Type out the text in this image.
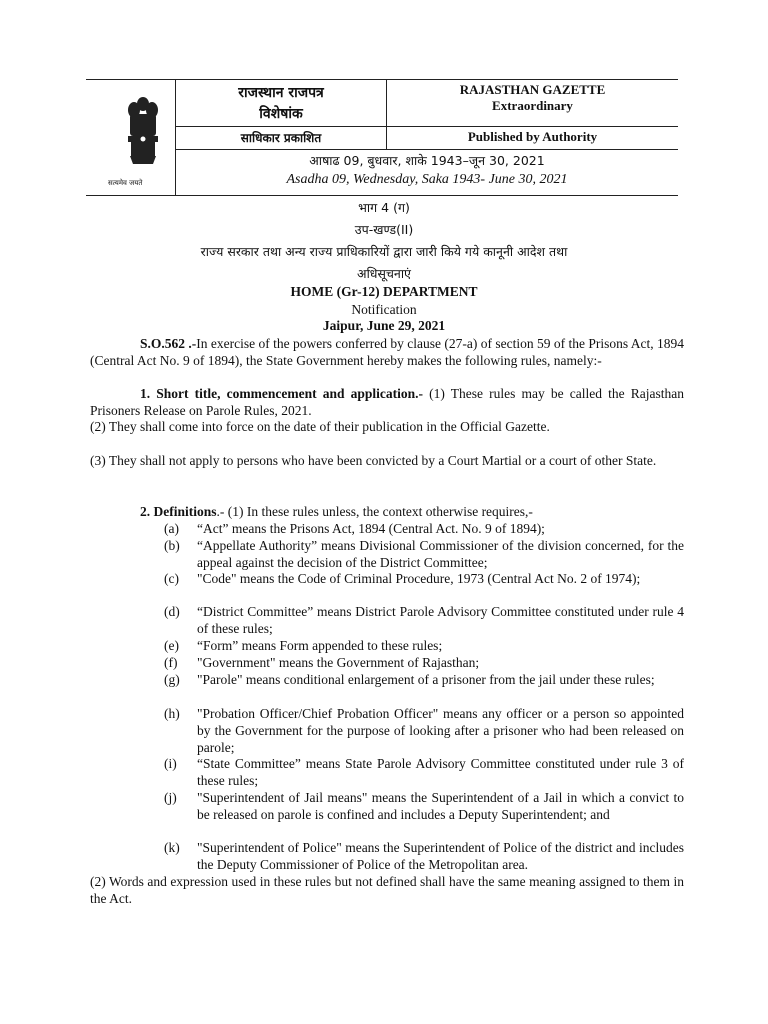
सत्यमेव जयते
राजस्थान राजपत्र
विशेषांक
RAJASTHAN GAZETTE
Extraordinary
साधिकार प्रकाशित	Published by Authority
आषाढ 09, बुधवार, शाके 1943–जून 30, 2021
Asadha 09, Wednesday, Saka 1943- June 30, 2021
भाग 4 (ग)
उप-खण्ड(II)
राज्य सरकार तथा अन्य राज्य प्राधिकारियों द्वारा जारी किये गये कानूनी आदेश तथा
अधिसूचनाएं
HOME (Gr-12) DEPARTMENT
Notification
Jaipur, June 29, 2021
S.O.562 .-In exercise of the powers conferred by clause (27-a) of section 59 of the Prisons Act, 1894 (Central Act No. 9 of 1894), the State Government hereby makes the following rules, namely:-
1. Short title, commencement and application.- (1) These rules may be called the Rajasthan Prisoners Release on Parole Rules, 2021.
(2) They shall come into force on the date of their publication in the Official Gazette.
(3) They shall not apply to persons who have been convicted by a Court Martial or a court of other State.
2. Definitions.- (1) In these rules unless, the context otherwise requires,-
(a) “Act” means the Prisons Act, 1894 (Central Act. No. 9 of 1894);
(b) “Appellate Authority” means Divisional Commissioner of the division concerned, for the appeal against the decision of the District Committee;
(c) "Code" means the Code of Criminal Procedure, 1973 (Central Act No. 2 of 1974);
(d) “District Committee” means District Parole Advisory Committee constituted under rule 4 of these rules;
(e) “Form” means Form appended to these rules;
(f) "Government" means the Government of Rajasthan;
(g) "Parole" means conditional enlargement of a prisoner from the jail under these rules;
(h) "Probation Officer/Chief Probation Officer" means any officer or a person so appointed by the Government for the purpose of looking after a prisoner who had been released on parole;
(i) “State Committee” means State Parole Advisory Committee constituted under rule 3 of these rules;
(j) "Superintendent of Jail means" means the Superintendent of a Jail in which a convict to be released on parole is confined and includes a Deputy Superintendent; and
(k) "Superintendent of Police" means the Superintendent of Police of the district and includes the Deputy Commissioner of Police of the Metropolitan area.
(2) Words and expression used in these rules but not defined shall have the same meaning assigned to them in the Act.
